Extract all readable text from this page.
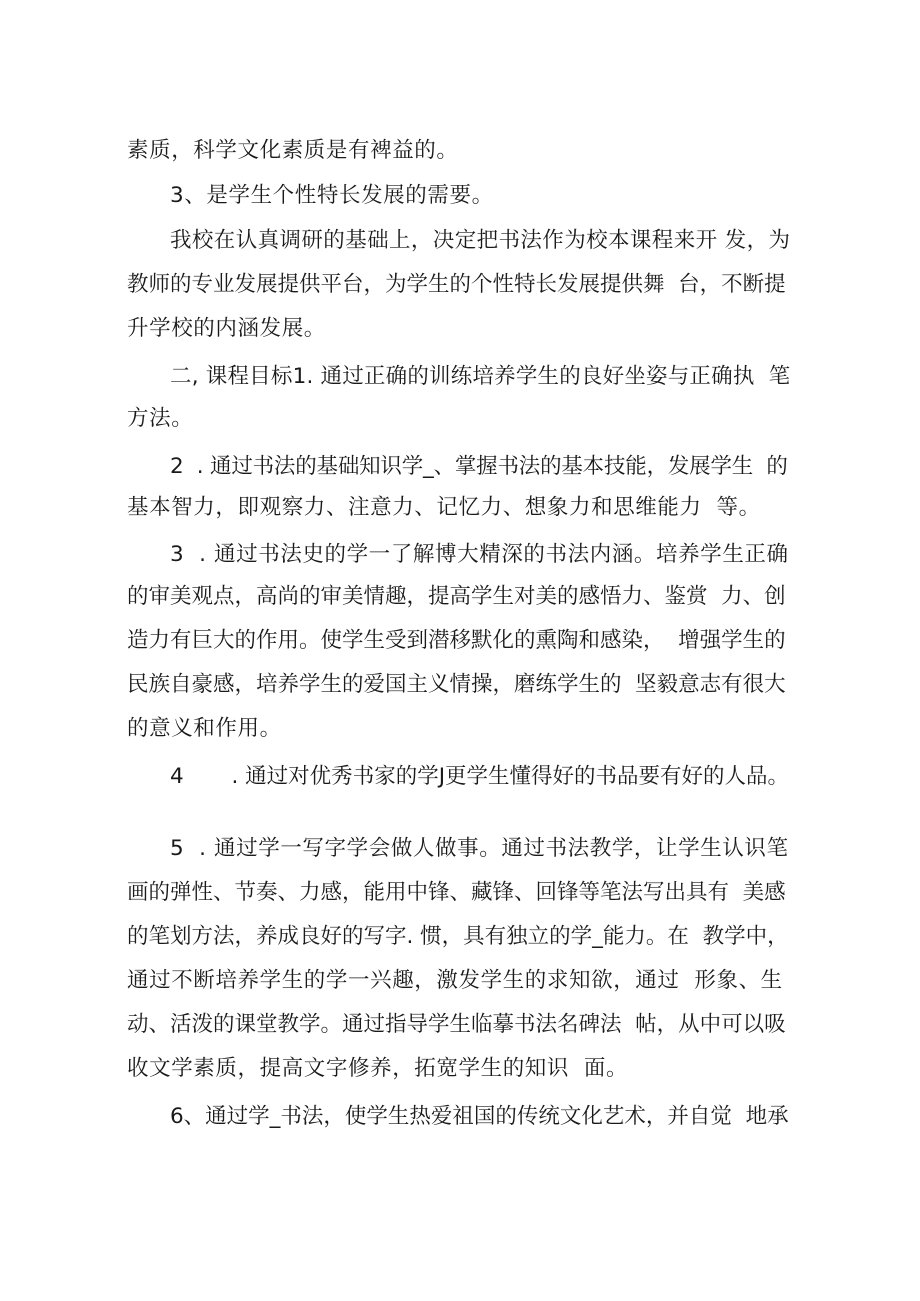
素质，科学文化素质是有裨益的。
3、是学生个性特长发展的需要。
我校在认真调研的基础上，决定把书法作为校本课程来开 发，为
教师的专业发展提供平台，为学生的个性特长发展提供舞  台，不断提
升学校的内涵发展。
二, 课程目标1. 通过正确的训练培养学生的良好坐姿与正确执  笔
方法。
2  . 通过书法的基础知识学_、掌握书法的基本技能，发展学生  的
基本智力，即观察力、注意力、记忆力、想象力和思维能力  等。
3  . 通过书法史的学一了解博大精深的书法内涵。培养学生正确
的审美观点，高尚的审美情趣，提高学生对美的感悟力、鉴赏  力、创
造力有巨大的作用。使学生受到潜移默化的熏陶和感染，  增强学生的
民族自豪感，培养学生的爱国主义情操，磨练学生的  坚毅意志有很大
的意义和作用。
4       . 通过对优秀书家的学J更学生懂得好的书品要有好的人品。
5  . 通过学一写字学会做人做事。通过书法教学，让学生认识笔
画的弹性、节奏、力感，能用中锋、藏锋、回锋等笔法写出具有  美感
的笔划方法，养成良好的写字. 惯，具有独立的学_能力。在  教学中，
通过不断培养学生的学一兴趣，激发学生的求知欲，通过  形象、生
动、活泼的课堂教学。通过指导学生临摹书法名碑法  帖，从中可以吸
收文学素质，提高文字修养，拓宽学生的知识  面。
6、通过学_书法，使学生热爱祖国的传统文化艺术，并自觉  地承
